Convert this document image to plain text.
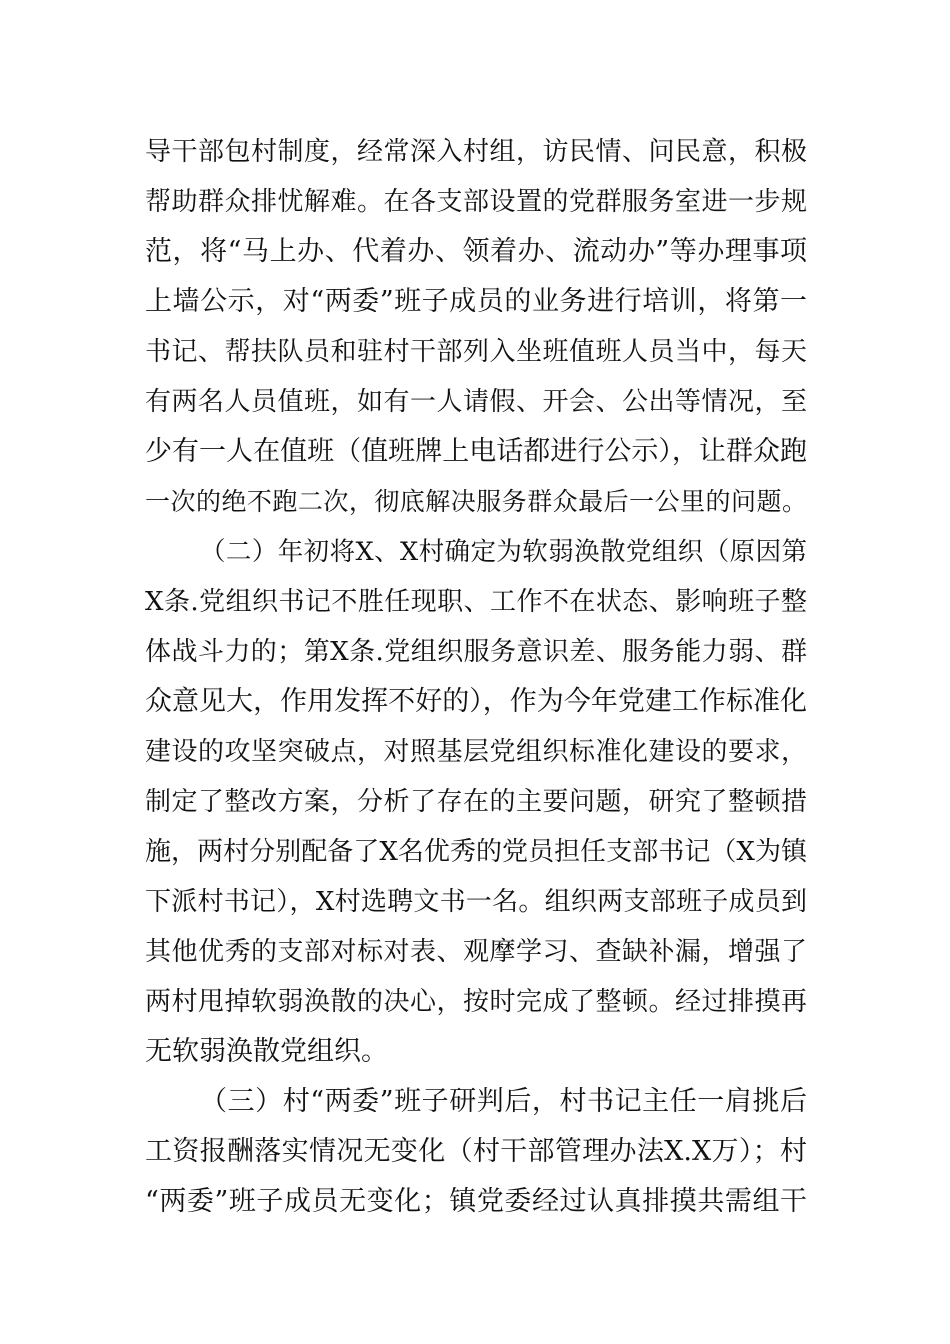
导干部包村制度，经常深入村组，访民情、问民意，积极
帮助群众排忧解难。在各支部设置的党群服务室进一步规
范，将“马上办、代着办、领着办、流动办”等办理事项
上墙公示，对“两委”班子成员的业务进行培训，将第一
书记、帮扶队员和驻村干部列入坐班值班人员当中，每天
有两名人员值班，如有一人请假、开会、公出等情况，至
少有一人在值班（值班牌上电话都进行公示），让群众跑
一次的绝不跑二次，彻底解决服务群众最后一公里的问题。
（二）年初将X、X村确定为软弱涣散党组织（原因第
X条.党组织书记不胜任现职、工作不在状态、影响班子整
体战斗力的；第X条.党组织服务意识差、服务能力弱、群
众意见大，作用发挥不好的），作为今年党建工作标准化
建设的攻坚突破点，对照基层党组织标准化建设的要求，
制定了整改方案，分析了存在的主要问题，研究了整顿措
施，两村分别配备了X名优秀的党员担任支部书记（X为镇
下派村书记），X村选聘文书一名。组织两支部班子成员到
其他优秀的支部对标对表、观摩学习、查缺补漏，增强了
两村甩掉软弱涣散的决心，按时完成了整顿。经过排摸再
无软弱涣散党组织。
（三）村“两委”班子研判后，村书记主任一肩挑后
工资报酬落实情况无变化（村干部管理办法X.X万）；村
“两委”班子成员无变化；镇党委经过认真排摸共需组干
